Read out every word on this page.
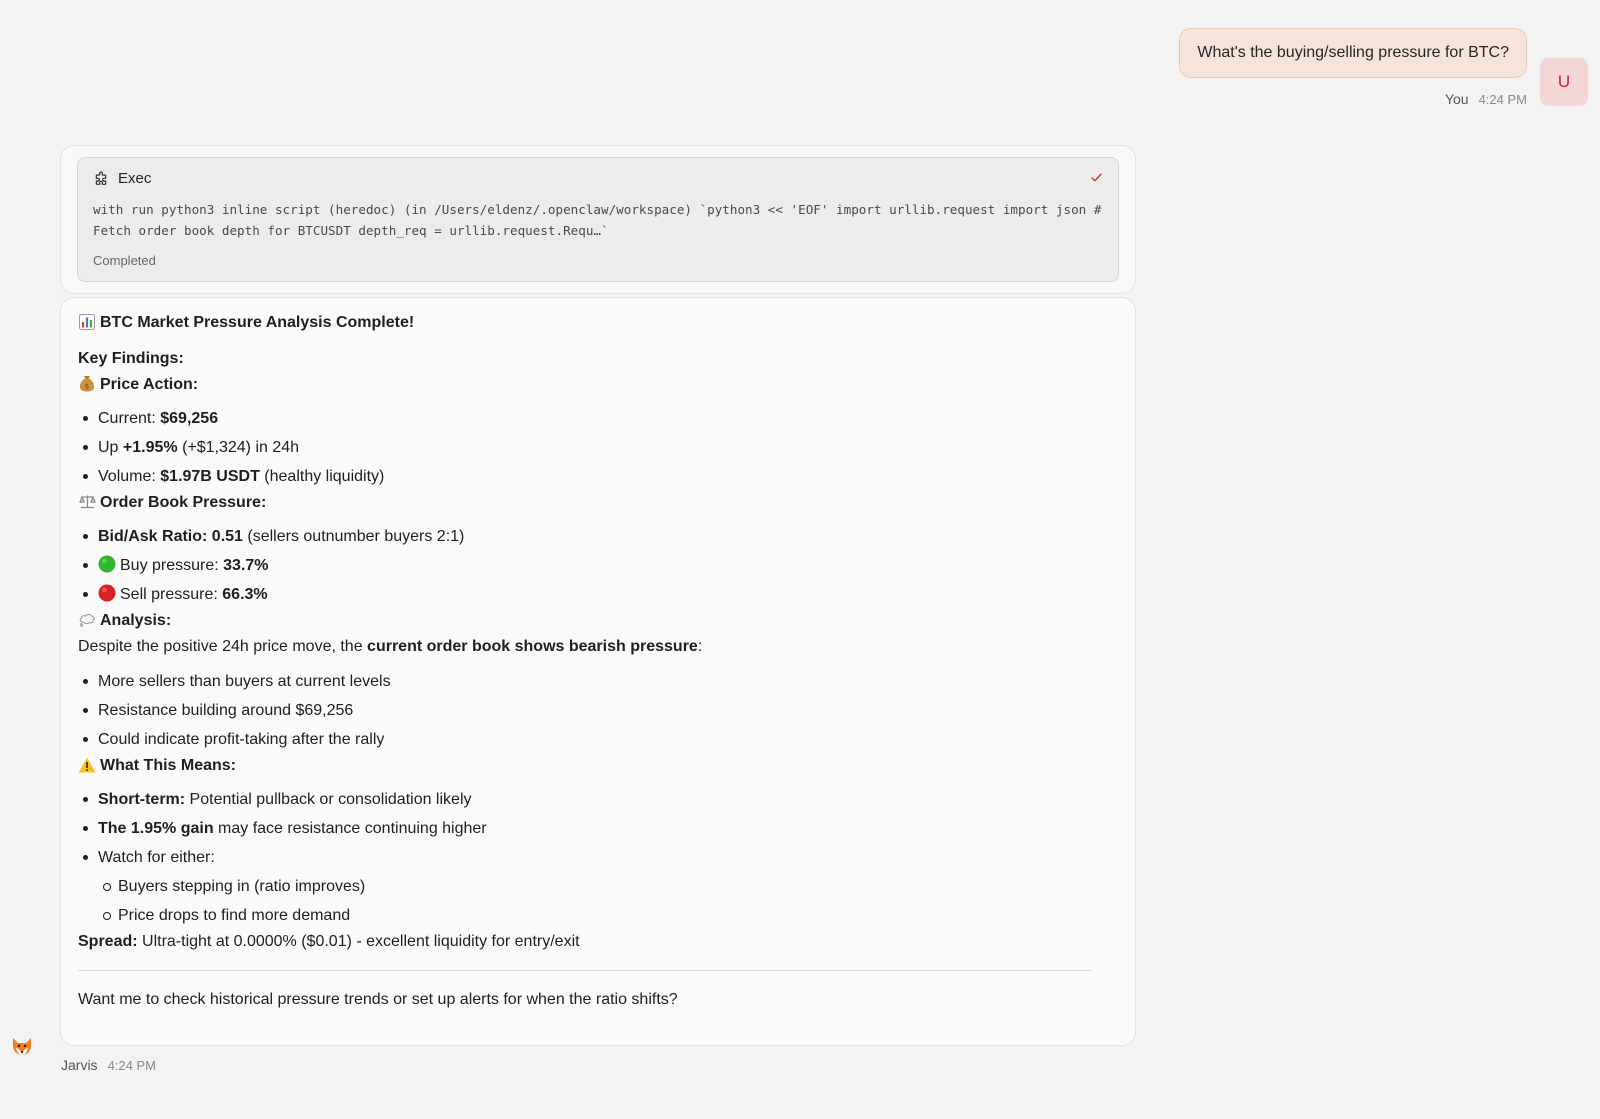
What's the buying/selling pressure for BTC?
U
You 4:24 PM
Exec
with run python3 inline script (heredoc) (in /Users/eldenz/.openclaw/workspace) `python3 << 'EOF' import urllib.request import json # Fetch order book depth for BTCUSDT depth_req = urllib.request.Requ…`
Completed

BTC Market Pressure Analysis Complete!

Key Findings:

$ Price Action:

Current: $69,256
Up +1.95% (+$1,324) in 24h
Volume: $1.97B USDT (healthy liquidity)

Order Book Pressure:

Bid/Ask Ratio: 0.51 (sellers outnumber buyers 2:1)
Buy pressure: 33.7%
Sell pressure: 66.3%

Analysis:

Despite the positive 24h price move, the current order book shows bearish pressure:

More sellers than buyers at current levels
Resistance building around $69,256
Could indicate profit-taking after the rally

What This Means:

Short-term: Potential pullback or consolidation likely
The 1.95% gain may face resistance continuing higher
Watch for either:
Buyers stepping in (ratio improves)
Price drops to find more demand

Spread: Ultra-tight at 0.0000% ($0.01) - excellent liquidity for entry/exit

Want me to check historical pressure trends or set up alerts for when the ratio shifts?

Jarvis 4:24 PM
